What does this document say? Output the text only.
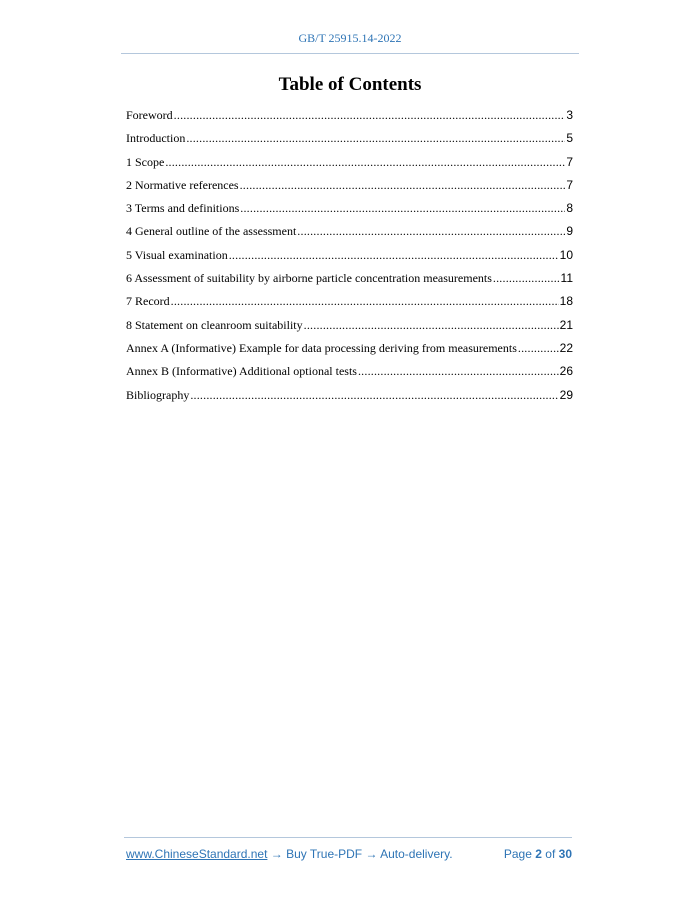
GB/T 25915.14-2022
Table of Contents
Foreword .....	3
Introduction .....	5
1 Scope .....	7
2 Normative references .....	7
3 Terms and definitions .....	8
4 General outline of the assessment .....	9
5 Visual examination .....	10
6 Assessment of suitability by airborne particle concentration measurements .....	11
7 Record .....	18
8 Statement on cleanroom suitability .....	21
Annex A (Informative) Example for data processing deriving from measurements .....	22
Annex B (Informative) Additional optional tests .....	26
Bibliography .....	29
www.ChineseStandard.net → Buy True-PDF → Auto-delivery.	Page 2 of 30
